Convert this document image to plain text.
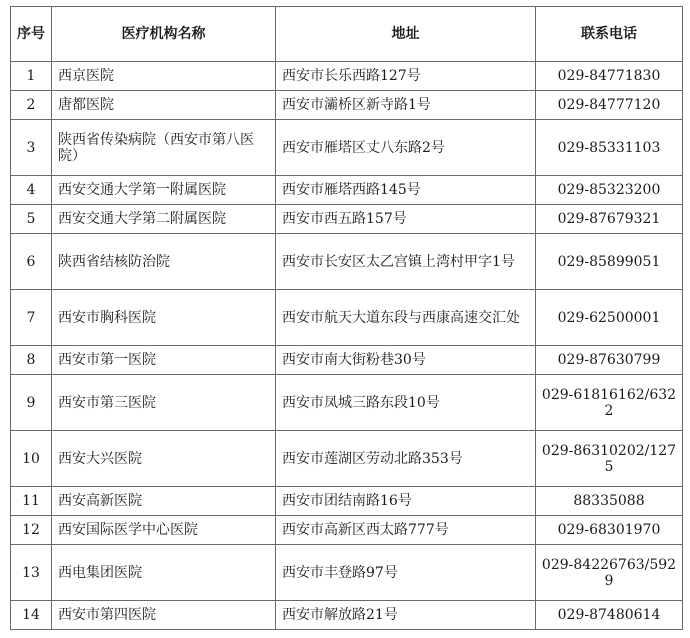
序号	医疗机构名称	地址	联系电话
1	西京医院	西安市长乐西路127号	029-84771830
2	唐都医院	西安市灞桥区新寺路1号	029-84777120
3	陕西省传染病院（西安市第八医院）	西安市雁塔区丈八东路2号	029-85331103
4	西安交通大学第一附属医院	西安市雁塔西路145号	029-85323200
5	西安交通大学第二附属医院	西安市西五路157号	029-87679321
6	陕西省结核防治院	西安市长安区太乙宫镇上湾村甲字1号	029-85899051
7	西安市胸科医院	西安市航天大道东段与西康高速交汇处	029-62500001
8	西安市第一医院	西安市南大街粉巷30号	029-87630799
9	西安市第三医院	西安市凤城三路东段10号	029-61816162/6322
10	西安大兴医院	西安市莲湖区劳动北路353号	029-86310202/1275
11	西安高新医院	西安市团结南路16号	88335088
12	西安国际医学中心医院	西安市高新区西太路777号	029-68301970
13	西电集团医院	西安市丰登路97号	029-84226763/5929
14	西安市第四医院	西安市解放路21号	029-87480614
